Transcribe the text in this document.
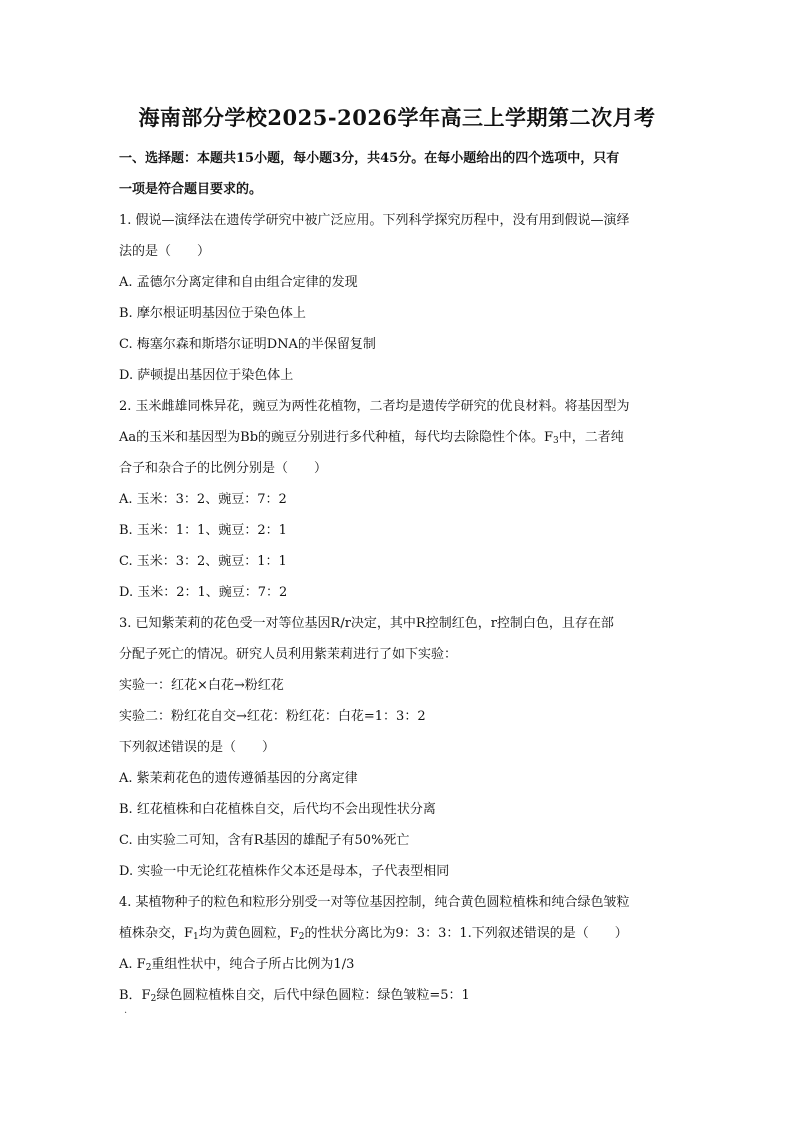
海南部分学校2025-2026学年高三上学期第二次月考
一、选择题：本题共15小题，每小题3分，共45分。在每小题给出的四个选项中，只有
一项是符合题目要求的。
1. 假说—演绎法在遗传学研究中被广泛应用。下列科学探究历程中，没有用到假说—演绎
法的是（　　）
A. 孟德尔分离定律和自由组合定律的发现
B. 摩尔根证明基因位于染色体上
C. 梅塞尔森和斯塔尔证明DNA的半保留复制
D. 萨顿提出基因位于染色体上
2. 玉米雌雄同株异花，豌豆为两性花植物，二者均是遗传学研究的优良材料。将基因型为
Aa的玉米和基因型为Bb的豌豆分别进行多代种植，每代均去除隐性个体。$F_3$中，二者纯
合子和杂合子的比例分别是（　　）
A. 玉米：3：2、豌豆：7：2
B. 玉米：1：1、豌豆：2：1
C. 玉米：3：2、豌豆：1：1
D. 玉米：2：1、豌豆：7：2
3. 已知紫茉莉的花色受一对等位基因R/r决定，其中R控制红色，r控制白色，且存在部
分配子死亡的情况。研究人员利用紫茉莉进行了如下实验：
实验一：红花×白花→粉红花
实验二：粉红花自交→红花：粉红花：白花=1：3：2
下列叙述错误的是（　　）
A. 紫茉莉花色的遗传遵循基因的分离定律
B. 红花植株和白花植株自交，后代均不会出现性状分离
C. 由实验二可知，含有R基因的雄配子有50%死亡
D. 实验一中无论红花植株作父本还是母本，子代表型相同
4. 某植物种子的粒色和粒形分别受一对等位基因控制，纯合黄色圆粒植株和纯合绿色皱粒
植株杂交，$F_1$均为黄色圆粒，$F_2$的性状分离比为9：3：3：1.下列叙述错误的是（　　）
A. $F_2$重组性状中，纯合子所占比例为1/3
B．$F_2$绿色圆粒植株自交，后代中绿色圆粒：绿色皱粒=5：1
·
